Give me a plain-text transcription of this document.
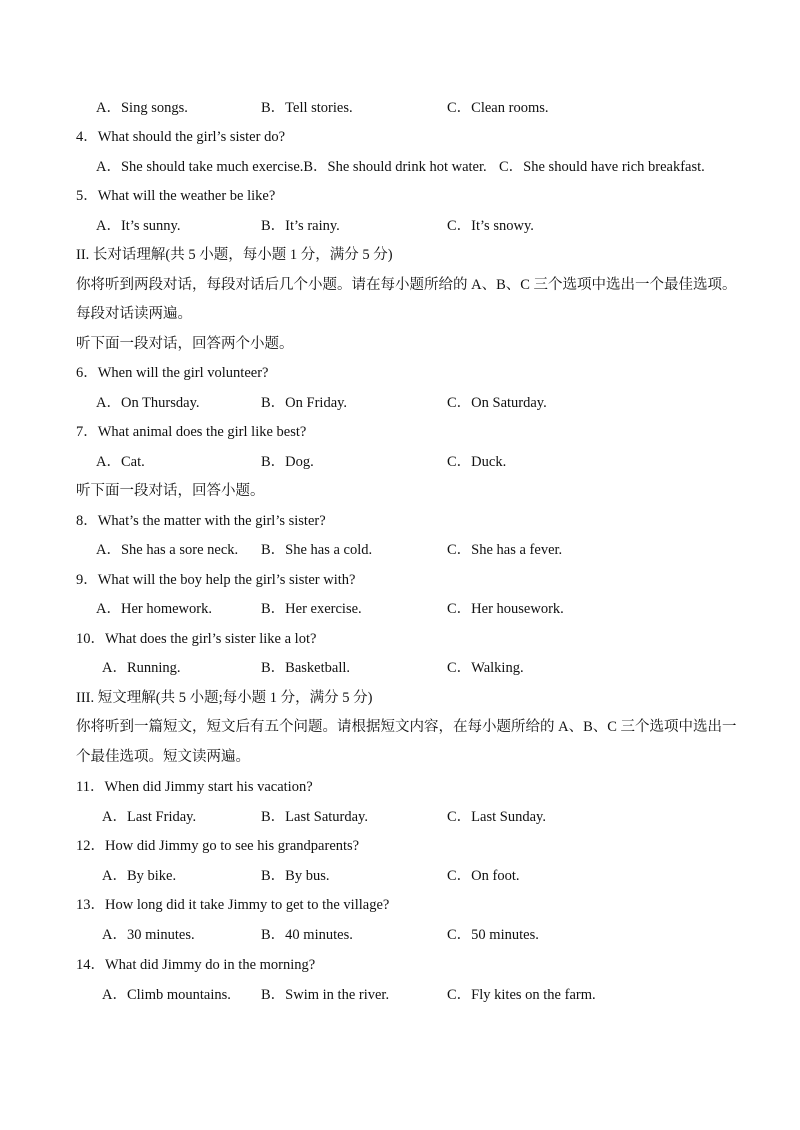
A．Sing songs.	B．Tell stories.	C．Clean rooms.
4．What should the girl’s sister do?
A．She should take much exercise.B．She should drink hot water. C．She should have rich breakfast.
5．What will the weather be like?
A．It’s sunny.	B．It’s rainy.	C．It’s snowy.
II. 长对话理解(共 5 小题，每小题 1 分，满分 5 分)
你将听到两段对话，每段对话后几个小题。请在每小题所给的 A、B、C 三个选项中选出一个最佳选项。
每段对话读两遍。
听下面一段对话，回答两个小题。
6．When will the girl volunteer?
A．On Thursday.	B．On Friday.	C．On Saturday.
7．What animal does the girl like best?
A．Cat.	B．Dog.	C．Duck.
听下面一段对话，回答小题。
8．What’s the matter with the girl’s sister?
A．She has a sore neck. B．She has a cold.	C．She has a fever.
9．What will the boy help the girl’s sister with?
A．Her homework.	B．Her exercise.	C．Her housework.
10．What does the girl’s sister like a lot?
A．Running.	B．Basketball.	C．Walking.
III. 短文理解(共 5 小题;每小题 1 分，满分 5 分)
你将听到一篇短文，短文后有五个问题。请根据短文内容，在每小题所给的 A、B、C 三个选项中选出一
个最佳选项。短文读两遍。
11．When did Jimmy start his vacation?
A．Last Friday.	B．Last Saturday.	C．Last Sunday.
12．How did Jimmy go to see his grandparents?
A．By bike.	B．By bus.	C．On foot.
13．How long did it take Jimmy to get to the village?
A．30 minutes.	B．40 minutes.	C．50 minutes.
14．What did Jimmy do in the morning?
A．Climb mountains. B．Swim in the river.	C．Fly kites on the farm.
